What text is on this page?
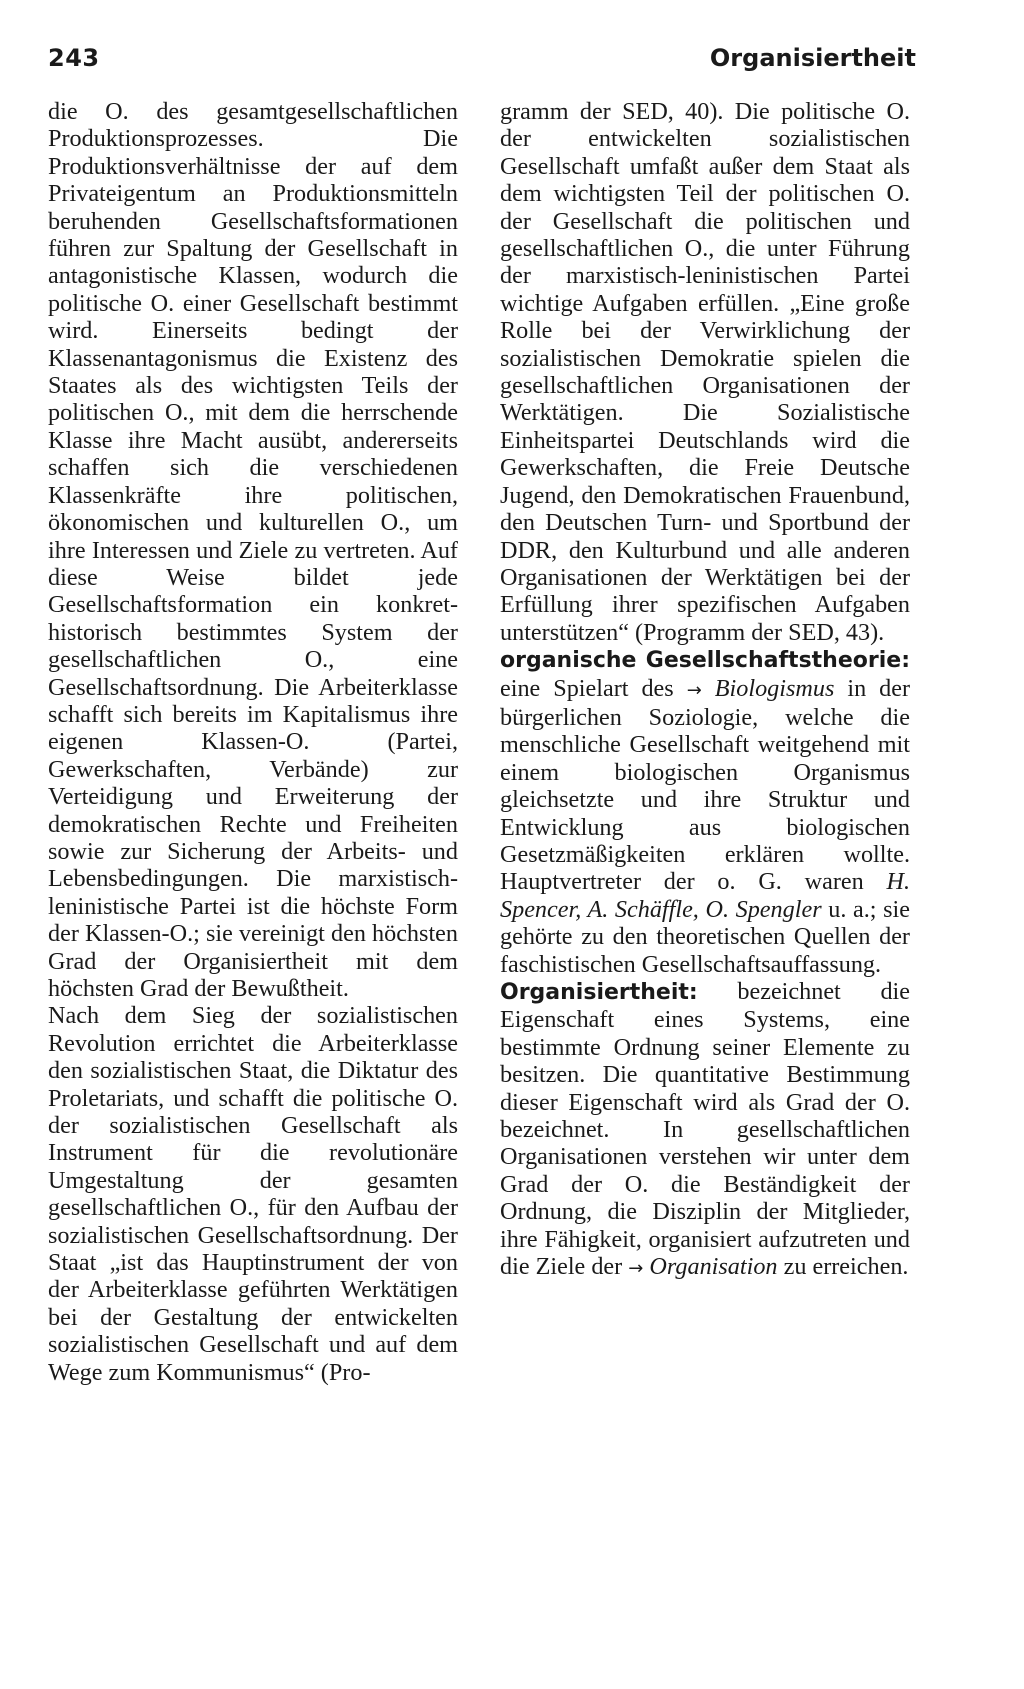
243	Organisiertheit

die O. des gesamtgesellschaftlichen Produktionsprozesses. Die Produktionsverhältnisse der auf dem Privateigentum an Produktionsmitteln beruhenden Gesellschaftsformationen führen zur Spaltung der Gesellschaft in antagonistische Klassen, wodurch die politische O. einer Gesellschaft bestimmt wird. Einerseits bedingt der Klassenantagonismus die Existenz des Staates als des wichtigsten Teils der politischen O., mit dem die herrschende Klasse ihre Macht ausübt, andererseits schaffen sich die verschiedenen Klassenkräfte ihre politischen, ökonomischen und kulturellen O., um ihre Interessen und Ziele zu vertreten. Auf diese Weise bildet jede Gesellschaftsformation ein konkret-historisch bestimmtes System der gesellschaftlichen O., eine Gesellschaftsordnung. Die Arbeiterklasse schafft sich bereits im Kapitalismus ihre eigenen Klassen-O. (Partei, Gewerkschaften, Verbände) zur Verteidigung und Erweiterung der demokratischen Rechte und Freiheiten sowie zur Sicherung der Arbeits- und Lebensbedingungen. Die marxistisch-leninistische Partei ist die höchste Form der Klassen-O.; sie vereinigt den höchsten Grad der Organisiertheit mit dem höchsten Grad der Bewußtheit.

Nach dem Sieg der sozialistischen Revolution errichtet die Arbeiterklasse den sozialistischen Staat, die Diktatur des Proletariats, und schafft die politische O. der sozialistischen Gesellschaft als Instrument für die revolutionäre Umgestaltung der gesamten gesellschaftlichen O., für den Aufbau der sozialistischen Gesellschaftsordnung. Der Staat „ist das Hauptinstrument der von der Arbeiterklasse geführten Werktätigen bei der Gestaltung der entwickelten sozialistischen Gesellschaft und auf dem Wege zum Kommunismus“ (Pro-

gramm der SED, 40). Die politische O. der entwickelten sozialistischen Gesellschaft umfaßt außer dem Staat als dem wichtigsten Teil der politischen O. der Gesellschaft die politischen und gesellschaftlichen O., die unter Führung der marxistisch-leninistischen Partei wichtige Aufgaben erfüllen. „Eine große Rolle bei der Verwirklichung der sozialistischen Demokratie spielen die gesellschaftlichen Organisationen der Werktätigen. Die Sozialistische Einheitspartei Deutschlands wird die Gewerkschaften, die Freie Deutsche Jugend, den Demokratischen Frauenbund, den Deutschen Turn- und Sportbund der DDR, den Kulturbund und alle anderen Organisationen der Werktätigen bei der Erfüllung ihrer spezifischen Aufgaben unterstützen“ (Programm der SED, 43).

organische Gesellschaftstheorie: eine Spielart des → Biologismus in der bürgerlichen Soziologie, welche die menschliche Gesellschaft weitgehend mit einem biologischen Organismus gleichsetzte und ihre Struktur und Entwicklung aus biologischen Gesetzmäßigkeiten erklären wollte. Hauptvertreter der o. G. waren H. Spencer, A. Schäffle, O. Spengler u. a.; sie gehörte zu den theoretischen Quellen der faschistischen Gesellschaftsauffassung.

Organisiertheit: bezeichnet die Eigenschaft eines Systems, eine bestimmte Ordnung seiner Elemente zu besitzen. Die quantitative Bestimmung dieser Eigenschaft wird als Grad der O. bezeichnet. In gesellschaftlichen Organisationen verstehen wir unter dem Grad der O. die Beständigkeit der Ordnung, die Disziplin der Mitglieder, ihre Fähigkeit, organisiert aufzutreten und die Ziele der → Organisation zu erreichen.
